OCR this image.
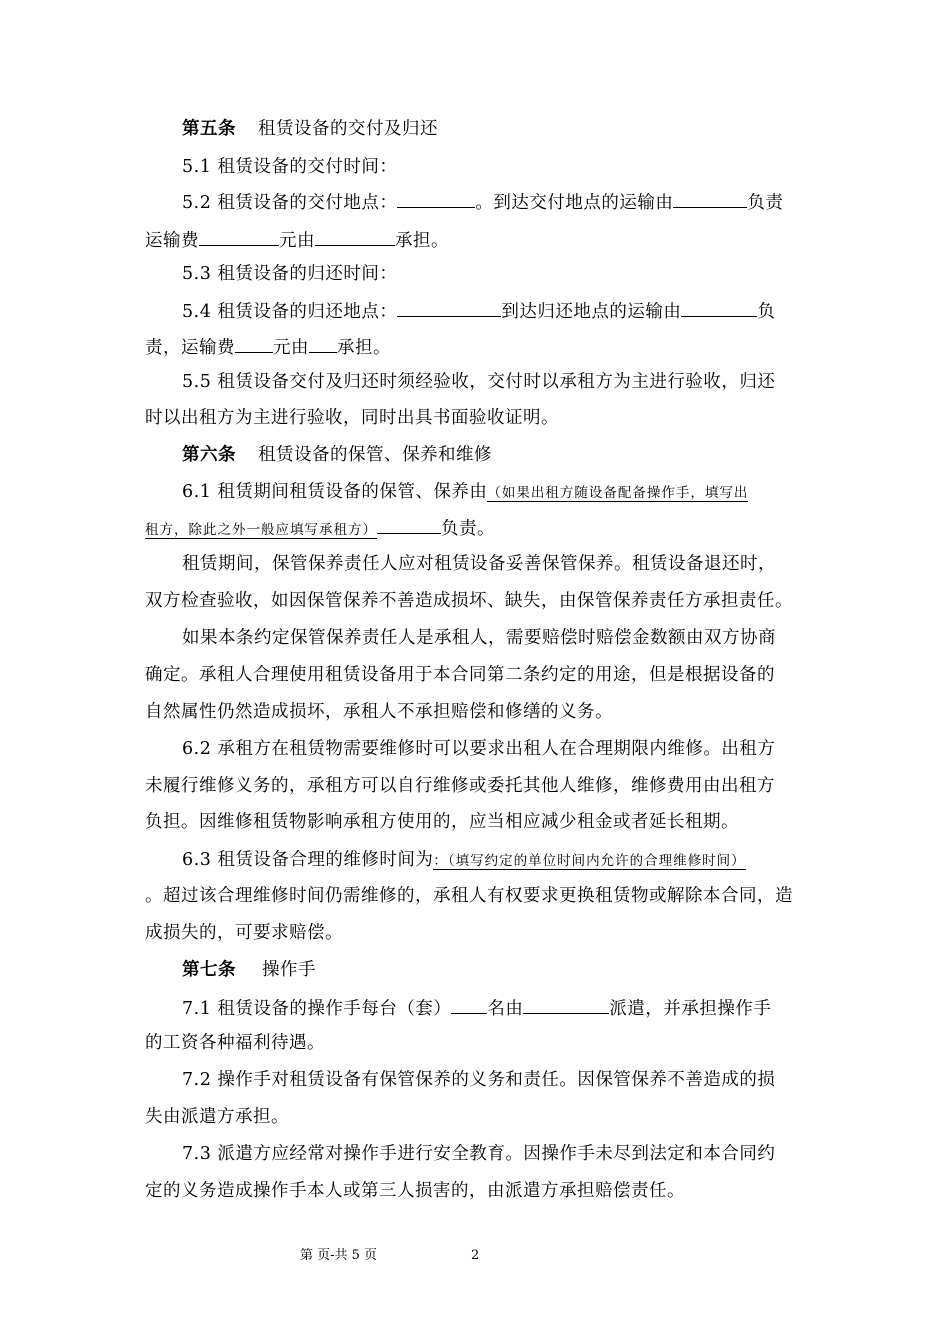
第五条 租赁设备的交付及归还
5.1 租赁设备的交付时间：
5.2 租赁设备的交付地点：	。到达交付地点的运输由	负责
运输费	元由	承担。
5.3 租赁设备的归还时间：
5.4 租赁设备的归还地点：	到达归还地点的运输由	负
责，运输费 元由 承担。
5.5 租赁设备交付及归还时须经验收，交付时以承租方为主进行验收，归还
时以出租方为主进行验收，同时出具书面验收证明。
第六条 租赁设备的保管、保养和维修
6.1 租赁期间租赁设备的保管、保养由（如果出租方随设备配备操作手，填写出
租方，除此之外一般应填写承租方）	负责。
租赁期间，保管保养责任人应对租赁设备妥善保管保养。租赁设备退还时，
双方检查验收，如因保管保养不善造成损坏、缺失，由保管保养责任方承担责任。
如果本条约定保管保养责任人是承租人，需要赔偿时赔偿金数额由双方协商
确定。承租人合理使用租赁设备用于本合同第二条约定的用途，但是根据设备的
自然属性仍然造成损坏，承租人不承担赔偿和修缮的义务。
6.2 承租方在租赁物需要维修时可以要求出租人在合理期限内维修。出租方
未履行维修义务的，承租方可以自行维修或委托其他人维修，维修费用由出租方
负担。因维修租赁物影响承租方使用的，应当相应减少租金或者延长租期。
6.3 租赁设备合理的维修时间为：（填写约定的单位时间内允许的合理维修时间）
。超过该合理维修时间仍需维修的，承租人有权要求更换租赁物或解除本合同，造
成损失的，可要求赔偿。
第七条 操作手
7.1 租赁设备的操作手每台（套） 名由	派遣，并承担操作手
的工资各种福利待遇。
7.2 操作手对租赁设备有保管保养的义务和责任。因保管保养不善造成的损
失由派遣方承担。
7.3 派遣方应经常对操作手进行安全教育。因操作手未尽到法定和本合同约
定的义务造成操作手本人或第三人损害的，由派遣方承担赔偿责任。
第 页-共 5 页	2
